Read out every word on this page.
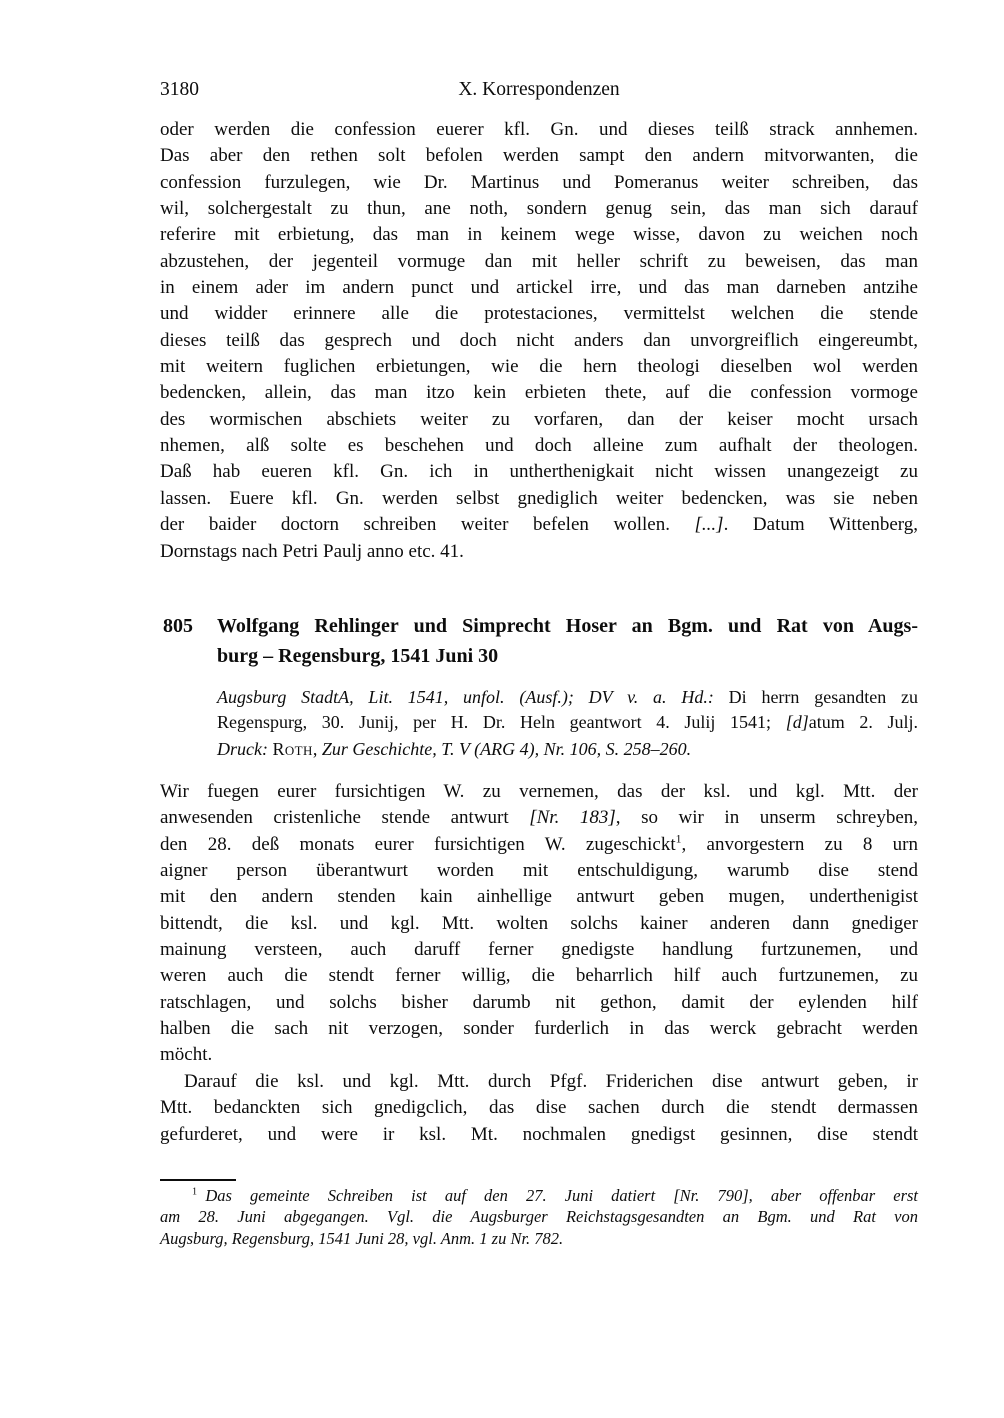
3180	X. Korrespondenzen
oder werden die confession euerer kfl. Gn. und dieses teilß strack annhemen.
Das aber den rethen solt befolen werden sampt den andern mitvorwanten, die
confession furzulegen, wie Dr. Martinus und Pomeranus weiter schreiben, das
wil, solchergestalt zu thun, ane noth, sondern genug sein, das man sich darauf
referire mit erbietung, das man in keinem wege wisse, davon zu weichen noch
abzustehen, der jegenteil vormuge dan mit heller schrift zu beweisen, das man
in einem ader im andern punct und artickel irre, und das man darneben antzihe
und widder erinnere alle die protestaciones, vermittelst welchen die stende
dieses teilß das gesprech und doch nicht anders dan unvorgreiflich eingereumbt,
mit weitern fuglichen erbietungen, wie die hern theologi dieselben wol werden
bedencken, allein, das man itzo kein erbieten thete, auf die confession vormoge
des wormischen abschiets weiter zu vorfaren, dan der keiser mocht ursach
nhemen, alß solte es beschehen und doch alleine zum aufhalt der theologen.
Daß hab eueren kfl. Gn. ich in untherthenigkait nicht wissen unangezeigt zu
lassen. Euere kfl. Gn. werden selbst gnediglich weiter bedencken, was sie neben
der baider doctorn schreiben weiter befelen wollen. [...]. Datum Wittenberg,
Dornstags nach Petri Paulj anno etc. 41.
805	Wolfgang Rehlinger und Simprecht Hoser an Bgm. und Rat von Augs-
burg – Regensburg, 1541 Juni 30
Augsburg StadtA, Lit. 1541, unfol. (Ausf.); DV v. a. Hd.: Di herrn gesandten zu
Regenspurg, 30. Junij, per H. Dr. Heln geantwort 4. Julij 1541; [d]atum 2. Julj.
Druck: Roth, Zur Geschichte, T. V (ARG 4), Nr. 106, S. 258–260.
Wir fuegen eurer fursichtigen W. zu vernemen, das der ksl. und kgl. Mtt. der
anwesenden cristenliche stende antwurt [Nr. 183], so wir in unserm schreyben,
den 28. deß monats eurer fursichtigen W. zugeschickt$^1$, anvorgestern zu 8 urn
aigner person überantwurt worden mit entschuldigung, warumb dise stend
mit den andern stenden kain ainhellige antwurt geben mugen, underthenigist
bittendt, die ksl. und kgl. Mtt. wolten solchs kainer anderen dann gnediger
mainung versteen, auch daruff ferner gnedigste handlung furtzunemen, und
weren auch die stendt ferner willig, die beharrlich hilf auch furtzunemen, zu
ratschlagen, und solchs bisher darumb nit gethon, damit der eylenden hilf
halben die sach nit verzogen, sonder furderlich in das werck gebracht werden
möcht.
Darauf die ksl. und kgl. Mtt. durch Pfgf. Friderichen dise antwurt geben, ir
Mtt. bedanckten sich gnedigclich, das dise sachen durch die stendt dermassen
gefurderet, und were ir ksl. Mt. nochmalen gnedigst gesinnen, dise stendt
$^1$ Das gemeinte Schreiben ist auf den 27. Juni datiert [Nr. 790], aber offenbar erst
am 28. Juni abgegangen. Vgl. die Augsburger Reichstagsgesandten an Bgm. und Rat von
Augsburg, Regensburg, 1541 Juni 28, vgl. Anm. 1 zu Nr. 782.
